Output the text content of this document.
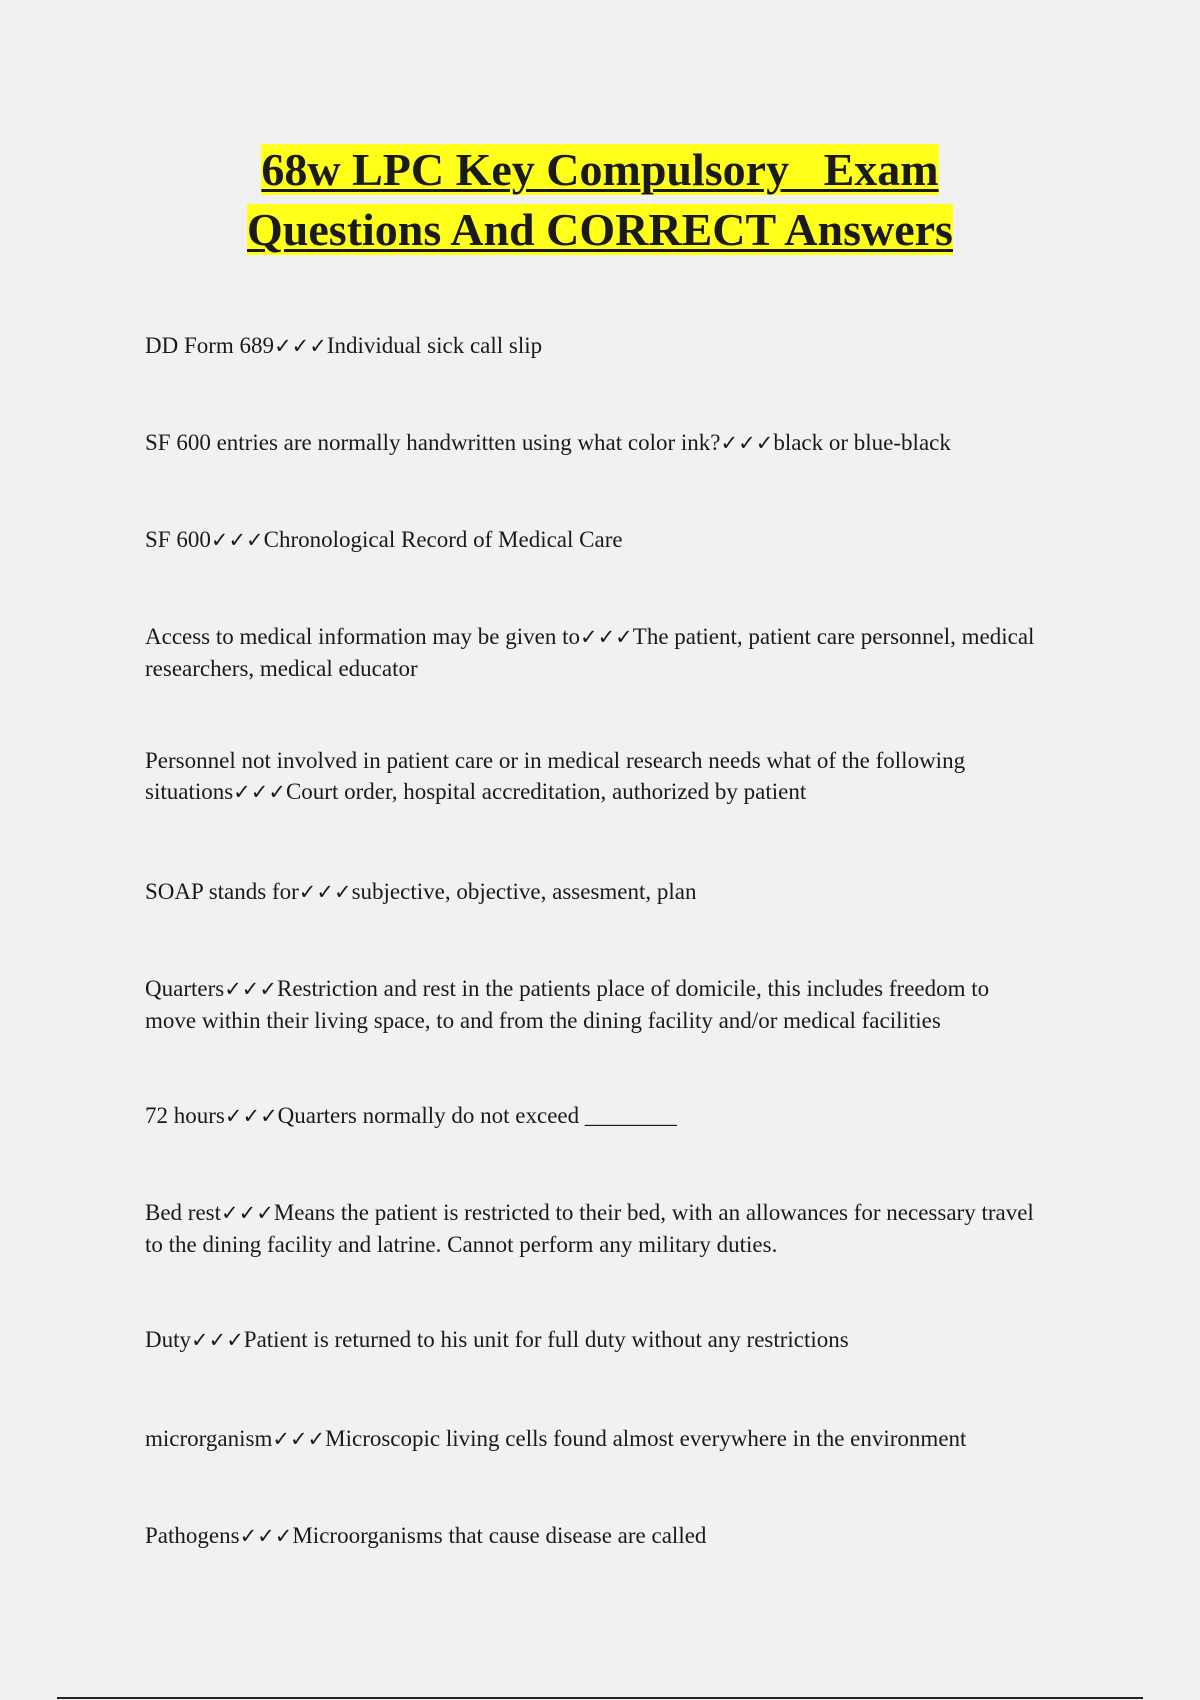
68w LPC Key Compulsory   Exam
Questions And CORRECT Answers

DD Form 689✓✓✓Individual sick call slip

SF 600 entries are normally handwritten using what color ink?✓✓✓black or blue-black

SF 600✓✓✓Chronological Record of Medical Care

Access to medical information may be given to✓✓✓The patient, patient care personnel, medical researchers, medical educator

Personnel not involved in patient care or in medical research needs what of the following situations✓✓✓Court order, hospital accreditation, authorized by patient

SOAP stands for✓✓✓subjective, objective, assesment, plan

Quarters✓✓✓Restriction and rest in the patients place of domicile, this includes freedom to move within their living space, to and from the dining facility and/or medical facilities

72 hours✓✓✓Quarters normally do not exceed ________

Bed rest✓✓✓Means the patient is restricted to their bed, with an allowances for necessary travel to the dining facility and latrine. Cannot perform any military duties.

Duty✓✓✓Patient is returned to his unit for full duty without any restrictions

microrganism✓✓✓Microscopic living cells found almost everywhere in the environment

Pathogens✓✓✓Microorganisms that cause disease are called
